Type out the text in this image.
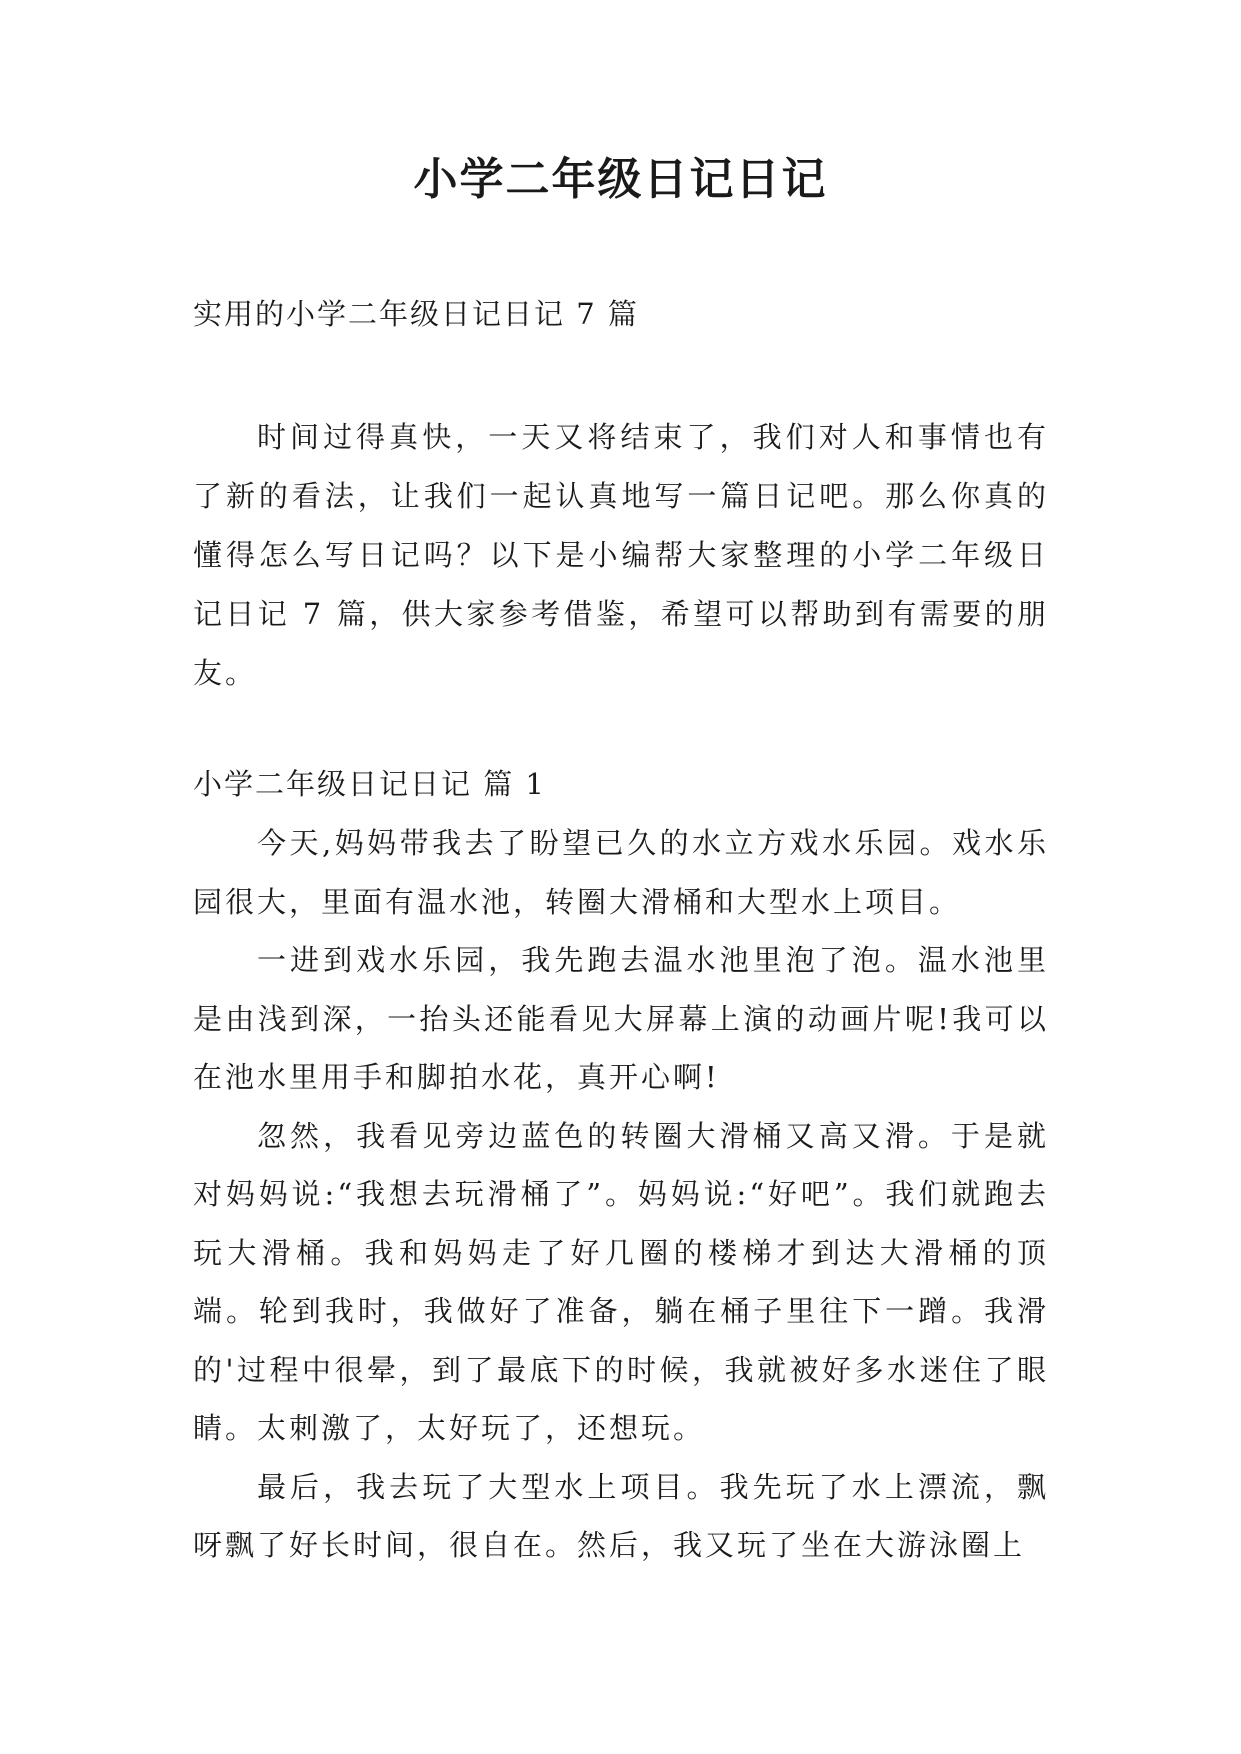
小学二年级日记日记

实用的小学二年级日记日记 7 篇

时间过得真快，一天又将结束了，我们对人和事情也有了新的看法，让我们一起认真地写一篇日记吧。那么你真的懂得怎么写日记吗？以下是小编帮大家整理的小学二年级日记日记 7 篇，供大家参考借鉴，希望可以帮助到有需要的朋友。

小学二年级日记日记 篇 1

今天,妈妈带我去了盼望已久的水立方戏水乐园。戏水乐园很大，里面有温水池，转圈大滑桶和大型水上项目。

一进到戏水乐园，我先跑去温水池里泡了泡。温水池里是由浅到深，一抬头还能看见大屏幕上演的动画片呢!我可以在池水里用手和脚拍水花，真开心啊!

忽然，我看见旁边蓝色的转圈大滑桶又高又滑。于是就对妈妈说:“我想去玩滑桶了”。妈妈说:“好吧”。我们就跑去玩大滑桶。我和妈妈走了好几圈的楼梯才到达大滑桶的顶端。轮到我时，我做好了准备，躺在桶子里往下一蹭。我滑的'过程中很晕，到了最底下的时候，我就被好多水迷住了眼睛。太刺激了，太好玩了，还想玩。

最后，我去玩了大型水上项目。我先玩了水上漂流，飘呀飘了好长时间，很自在。然后，我又玩了坐在大游泳圈上
